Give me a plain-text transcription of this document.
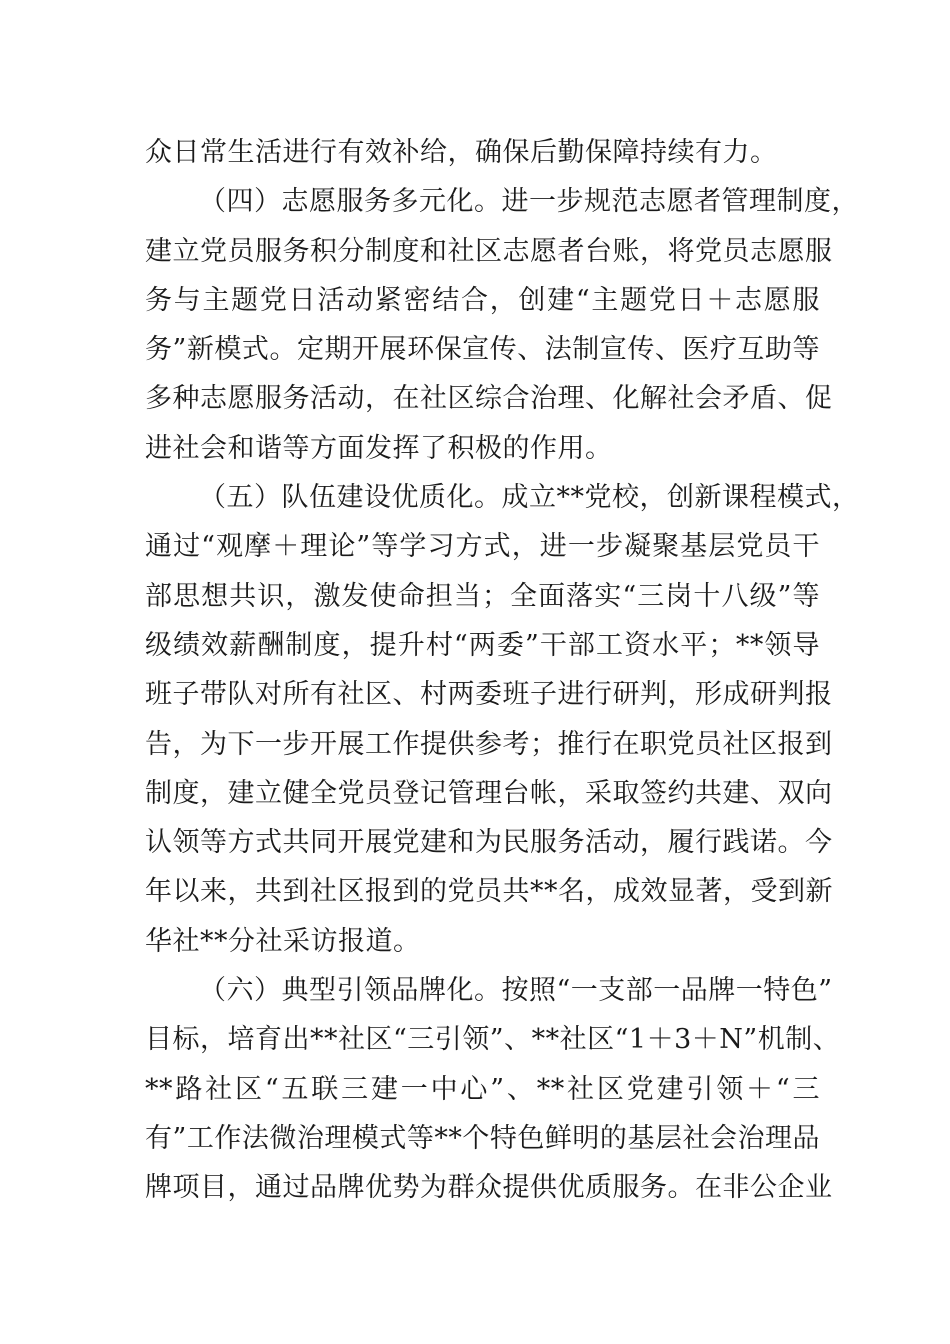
众日常生活进行有效补给，确保后勤保障持续有力。
（四）志愿服务多元化。进一步规范志愿者管理制度，
建立党员服务积分制度和社区志愿者台账，将党员志愿服
务与主题党日活动紧密结合，创建“主题党日＋志愿服
务”新模式。定期开展环保宣传、法制宣传、医疗互助等
多种志愿服务活动，在社区综合治理、化解社会矛盾、促
进社会和谐等方面发挥了积极的作用。
（五）队伍建设优质化。成立**党校，创新课程模式，
通过“观摩＋理论”等学习方式，进一步凝聚基层党员干
部思想共识，激发使命担当；全面落实“三岗十八级”等
级绩效薪酬制度，提升村“两委”干部工资水平；**领导
班子带队对所有社区、村两委班子进行研判，形成研判报
告，为下一步开展工作提供参考；推行在职党员社区报到
制度，建立健全党员登记管理台帐，采取签约共建、双向
认领等方式共同开展党建和为民服务活动，履行践诺。今
年以来，共到社区报到的党员共**名，成效显著，受到新
华社**分社采访报道。
（六）典型引领品牌化。按照“一支部一品牌一特色”
目标，培育出**社区“三引领”、**社区“1＋3＋N”机制、
**路社区“五联三建一中心”、**社区党建引领＋“三
有”工作法微治理模式等**个特色鲜明的基层社会治理品
牌项目，通过品牌优势为群众提供优质服务。在非公企业
